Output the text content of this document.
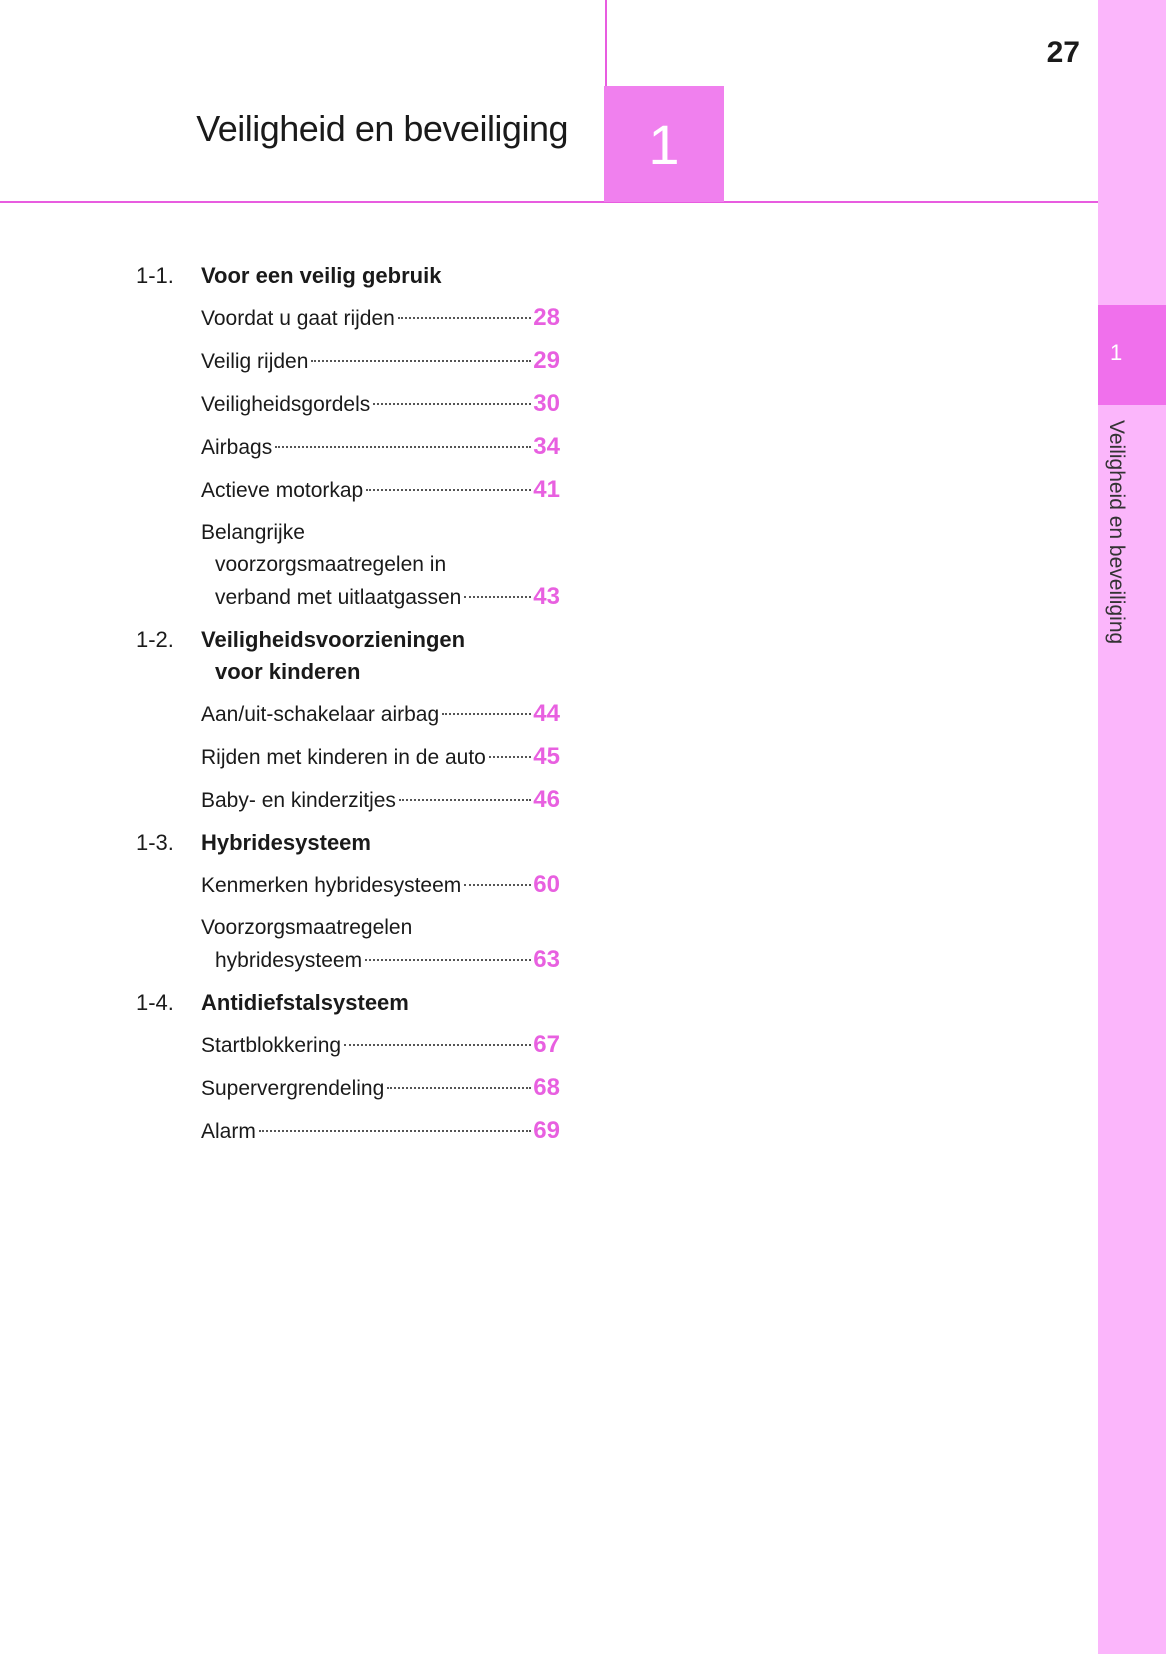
1
Veiligheid en beveiliging
27
Veiligheid en beveiliging 1
1-1.	Voor een veilig gebruik
Voordat u gaat rijden	28
Veilig rijden	29
Veiligheidsgordels	30
Airbags	34
Actieve motorkap	41
Belangrijke
voorzorgsmaatregelen in
verband met uitlaatgassen	43
1-2.	Veiligheidsvoorzieningen
voor kinderen
Aan/uit-schakelaar airbag	44
Rijden met kinderen in de auto 45
Baby- en kinderzitjes	46
1-3.	Hybridesysteem
Kenmerken hybridesysteem	60
Voorzorgsmaatregelen
hybridesysteem	63
1-4.	Antidiefstalsysteem
Startblokkering	67
Supervergrendeling	68
Alarm	69
